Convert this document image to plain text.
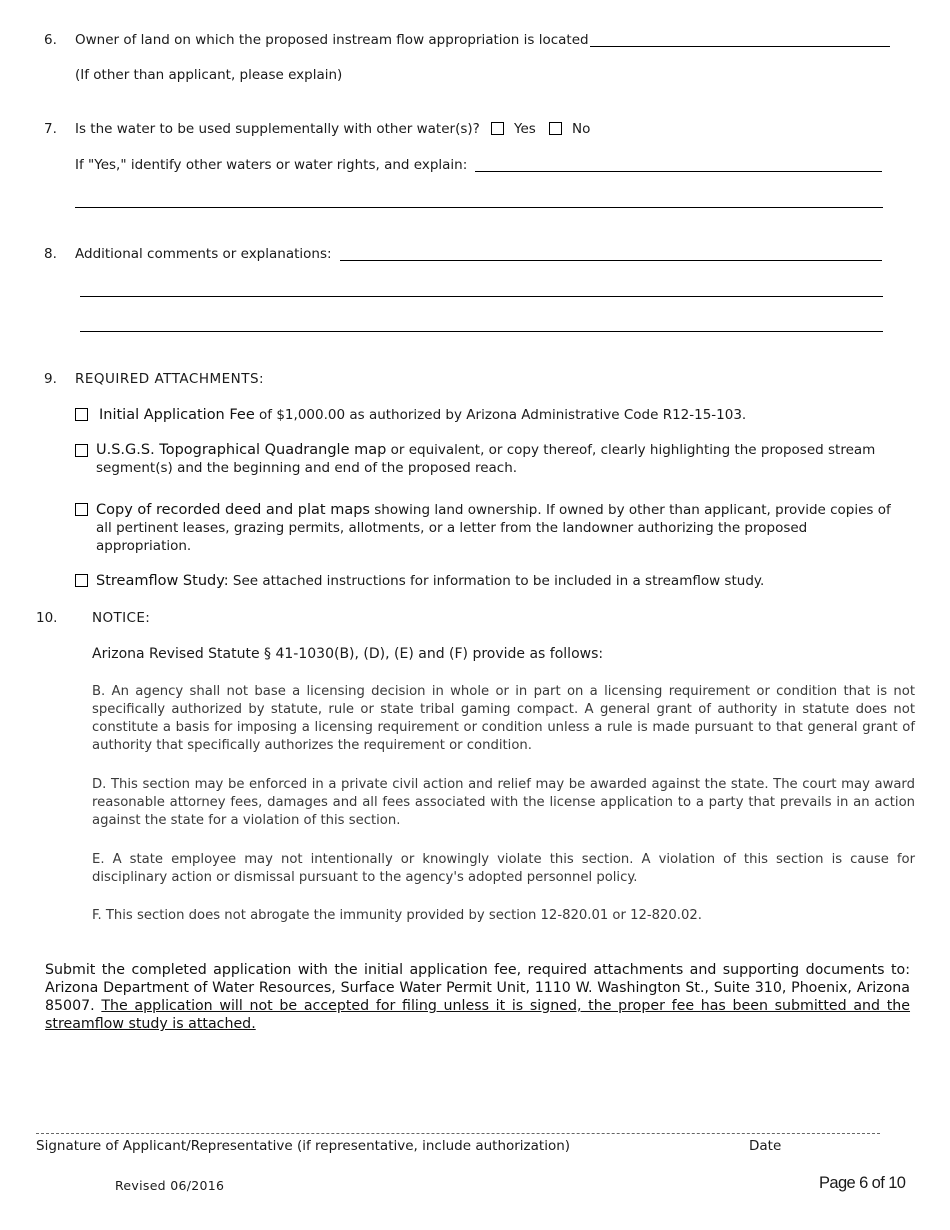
6. Owner of land on which the proposed instream flow appropriation is located
(If other than applicant, please explain)
7. Is the water to be used supplementally with other water(s)?	Yes	No
If "Yes," identify other waters or water rights, and explain:
8. Additional comments or explanations:
9. REQUIRED ATTACHMENTS:
Initial Application Fee of $1,000.00 as authorized by Arizona Administrative Code R12-15-103.
U.S.G.S. Topographical Quadrangle map or equivalent, or copy thereof, clearly highlighting the proposed stream segment(s) and the beginning and end of the proposed reach.
Copy of recorded deed and plat maps showing land ownership. If owned by other than applicant, provide copies of all pertinent leases, grazing permits, allotments, or a letter from the landowner authorizing the proposed appropriation.
Streamflow Study: See attached instructions for information to be included in a streamflow study.
10.	NOTICE:
Arizona Revised Statute § 41-1030(B), (D), (E) and (F) provide as follows:
B. An agency shall not base a licensing decision in whole or in part on a licensing requirement or condition that is not specifically authorized by statute, rule or state tribal gaming compact. A general grant of authority in statute does not constitute a basis for imposing a licensing requirement or condition unless a rule is made pursuant to that general grant of authority that specifically authorizes the requirement or condition.
D. This section may be enforced in a private civil action and relief may be awarded against the state. The court may award reasonable attorney fees, damages and all fees associated with the license application to a party that prevails in an action against the state for a violation of this section.
E. A state employee may not intentionally or knowingly violate this section. A violation of this section is cause for disciplinary action or dismissal pursuant to the agency's adopted personnel policy.
F. This section does not abrogate the immunity provided by section 12-820.01 or 12-820.02.
Submit the completed application with the initial application fee, required attachments and supporting documents to: Arizona Department of Water Resources, Surface Water Permit Unit, 1110 W. Washington St., Suite 310, Phoenix, Arizona 85007. The application will not be accepted for filing unless it is signed, the proper fee has been submitted and the streamflow study is attached.
Signature of Applicant/Representative (if representative, include authorization)	Date
Revised 06/2016	Page 6 of 10
